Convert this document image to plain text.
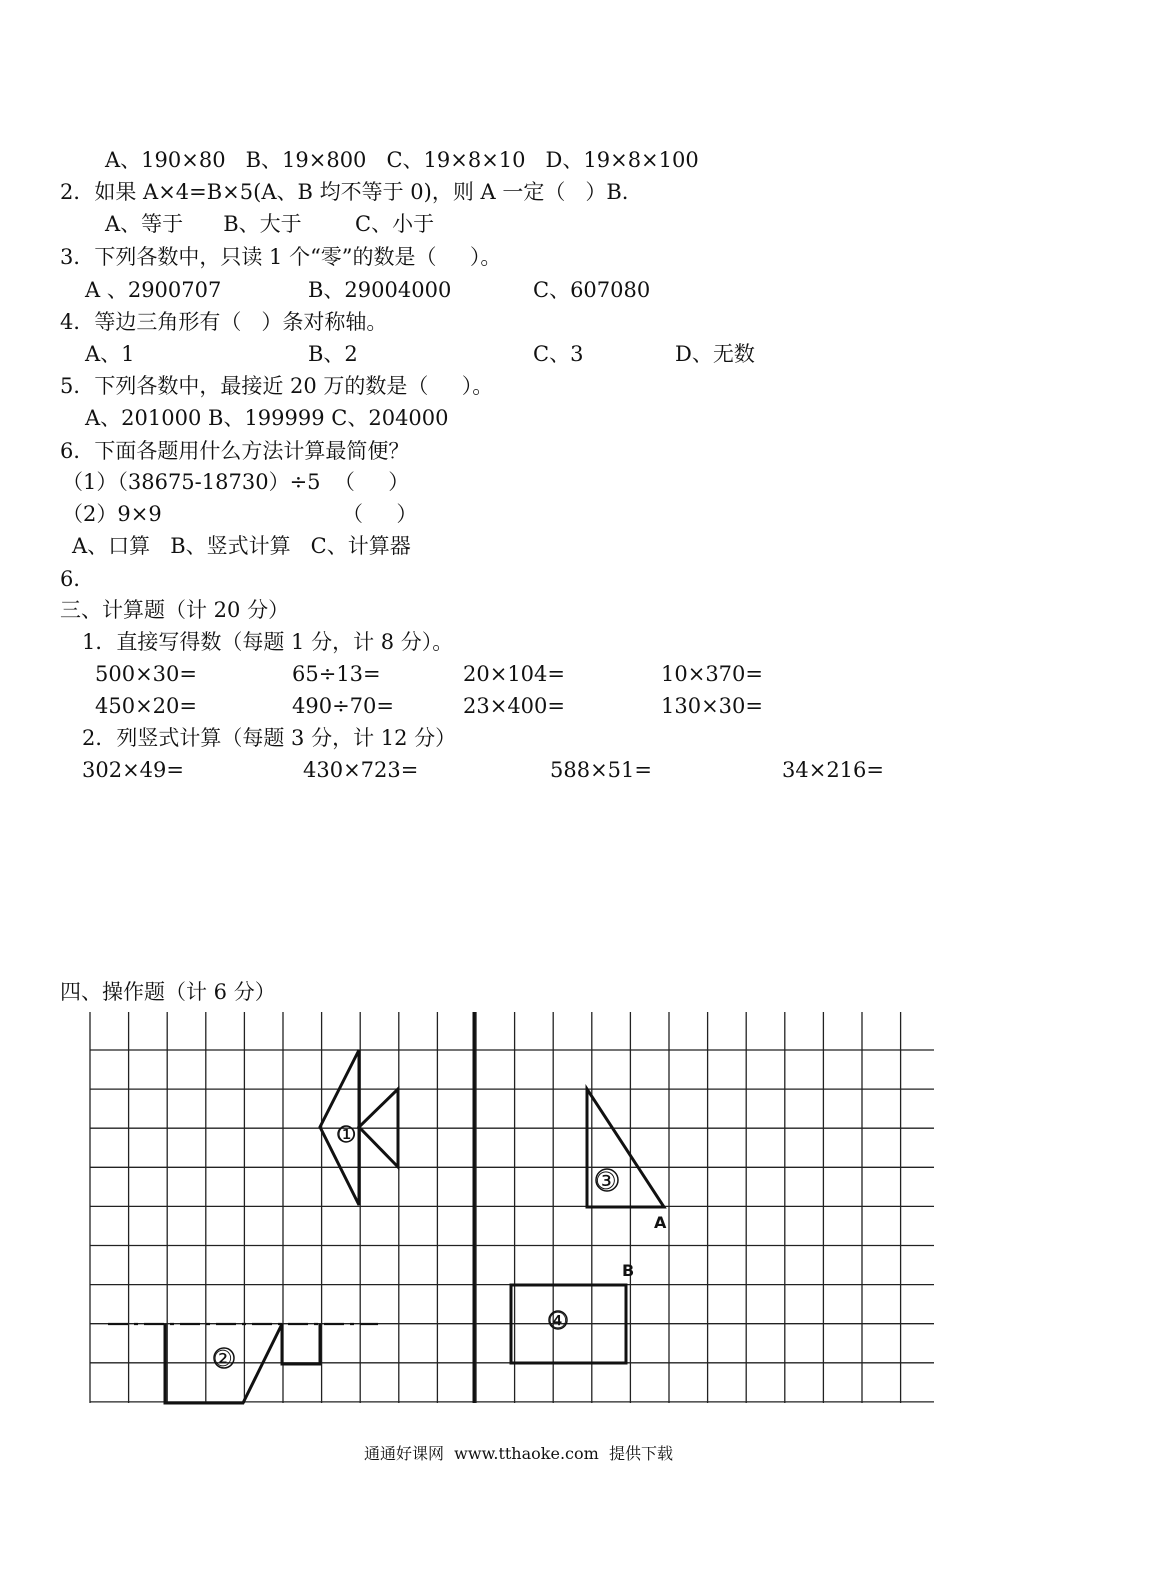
A、190×80   B、19×800   C、19×8×10   D、19×8×100
2．如果 A×4=B×5(A、B 均不等于 0)，则 A 一定（   ）B.
A、等于      B、大于        C、小于
3．下列各数中，只读 1 个“零”的数是（     ）。
A 、2900707	B、29004000	C、607080
4．等边三角形有（   ）条对称轴。
A、1	B、2	C、3	D、无数
5．下列各数中，最接近 20 万的数是（     ）。
A、201000 B、199999 C、204000
6．下面各题用什么方法计算最简便？
（1）（38675-18730）÷5  （     ）
（2）9×9	（     ）
A、口算   B、竖式计算   C、计算器
6．
三、计算题（计 20 分）
1．直接写得数（每题 1 分，计 8 分）。
500×30=	65÷13=	20×104=	10×370=
450×20=	490÷70=	23×400=	130×30=
2．列竖式计算（每题 3 分，计 12 分）
302×49=	430×723=	588×51=	34×216=
四、操作题（计 6 分）
①
②
③
A
④
B
通通好课网  www.tthaoke.com  提供下载
